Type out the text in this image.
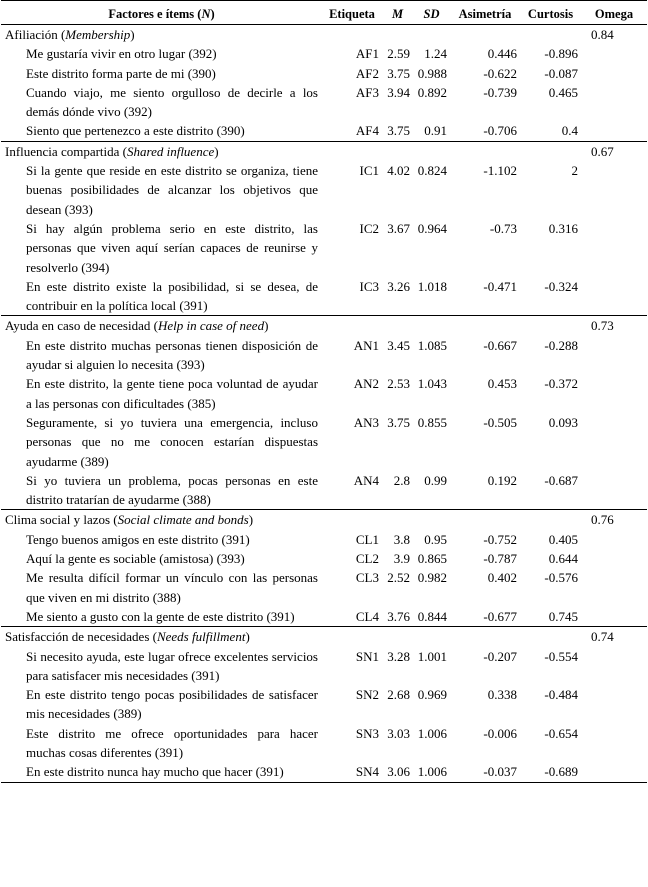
Factores e ítems (N)	Etiqueta	M	SD	Asimetría	Curtosis	Omega
Afiliación (Membership)						0.84
Me gustaría vivir en otro lugar (392)	AF1	2.59	1.24	0.446	-0.896	
Este distrito forma parte de mi (390)	AF2	3.75	0.988	-0.622	-0.087	
Cuando viajo, me siento orgulloso de decirle a los demás dónde vivo (392)	AF3	3.94	0.892	-0.739	0.465	
Siento que pertenezco a este distrito (390)	AF4	3.75	0.91	-0.706	0.4	
Influencia compartida (Shared influence)						0.67
Si la gente que reside en este distrito se organiza, tiene buenas posibilidades de alcanzar los objetivos que desean (393)	IC1	4.02	0.824	-1.102	2	
Si hay algún problema serio en este distrito, las personas que viven aquí serían capaces de reunirse y resolverlo (394)	IC2	3.67	0.964	-0.73	0.316	
En este distrito existe la posibilidad, si se desea, de contribuir en la política local (391)	IC3	3.26	1.018	-0.471	-0.324	
Ayuda en caso de necesidad (Help in case of need)						0.73
En este distrito muchas personas tienen disposición de ayudar si alguien lo necesita (393)	AN1	3.45	1.085	-0.667	-0.288	
En este distrito, la gente tiene poca voluntad de ayudar a las personas con dificultades (385)	AN2	2.53	1.043	0.453	-0.372	
Seguramente, si yo tuviera una emergencia, incluso personas que no me conocen estarían dispuestas ayudarme (389)	AN3	3.75	0.855	-0.505	0.093	
Si yo tuviera un problema, pocas personas en este distrito tratarían de ayudarme (388)	AN4	2.8	0.99	0.192	-0.687	
Clima social y lazos (Social climate and bonds)						0.76
Tengo buenos amigos en este distrito (391)	CL1	3.8	0.95	-0.752	0.405	
Aquí la gente es sociable (amistosa) (393)	CL2	3.9	0.865	-0.787	0.644	
Me resulta difícil formar un vínculo con las personas que viven en mi distrito (388)	CL3	2.52	0.982	0.402	-0.576	
Me siento a gusto con la gente de este distrito (391)	CL4	3.76	0.844	-0.677	0.745	
Satisfacción de necesidades (Needs fulfillment)						0.74
Si necesito ayuda, este lugar ofrece excelentes servicios para satisfacer mis necesidades (391)	SN1	3.28	1.001	-0.207	-0.554	
En este distrito tengo pocas posibilidades de satisfacer mis necesidades (389)	SN2	2.68	0.969	0.338	-0.484	
Este distrito me ofrece oportunidades para hacer muchas cosas diferentes (391)	SN3	3.03	1.006	-0.006	-0.654	
En este distrito nunca hay mucho que hacer (391)	SN4	3.06	1.006	-0.037	-0.689	
